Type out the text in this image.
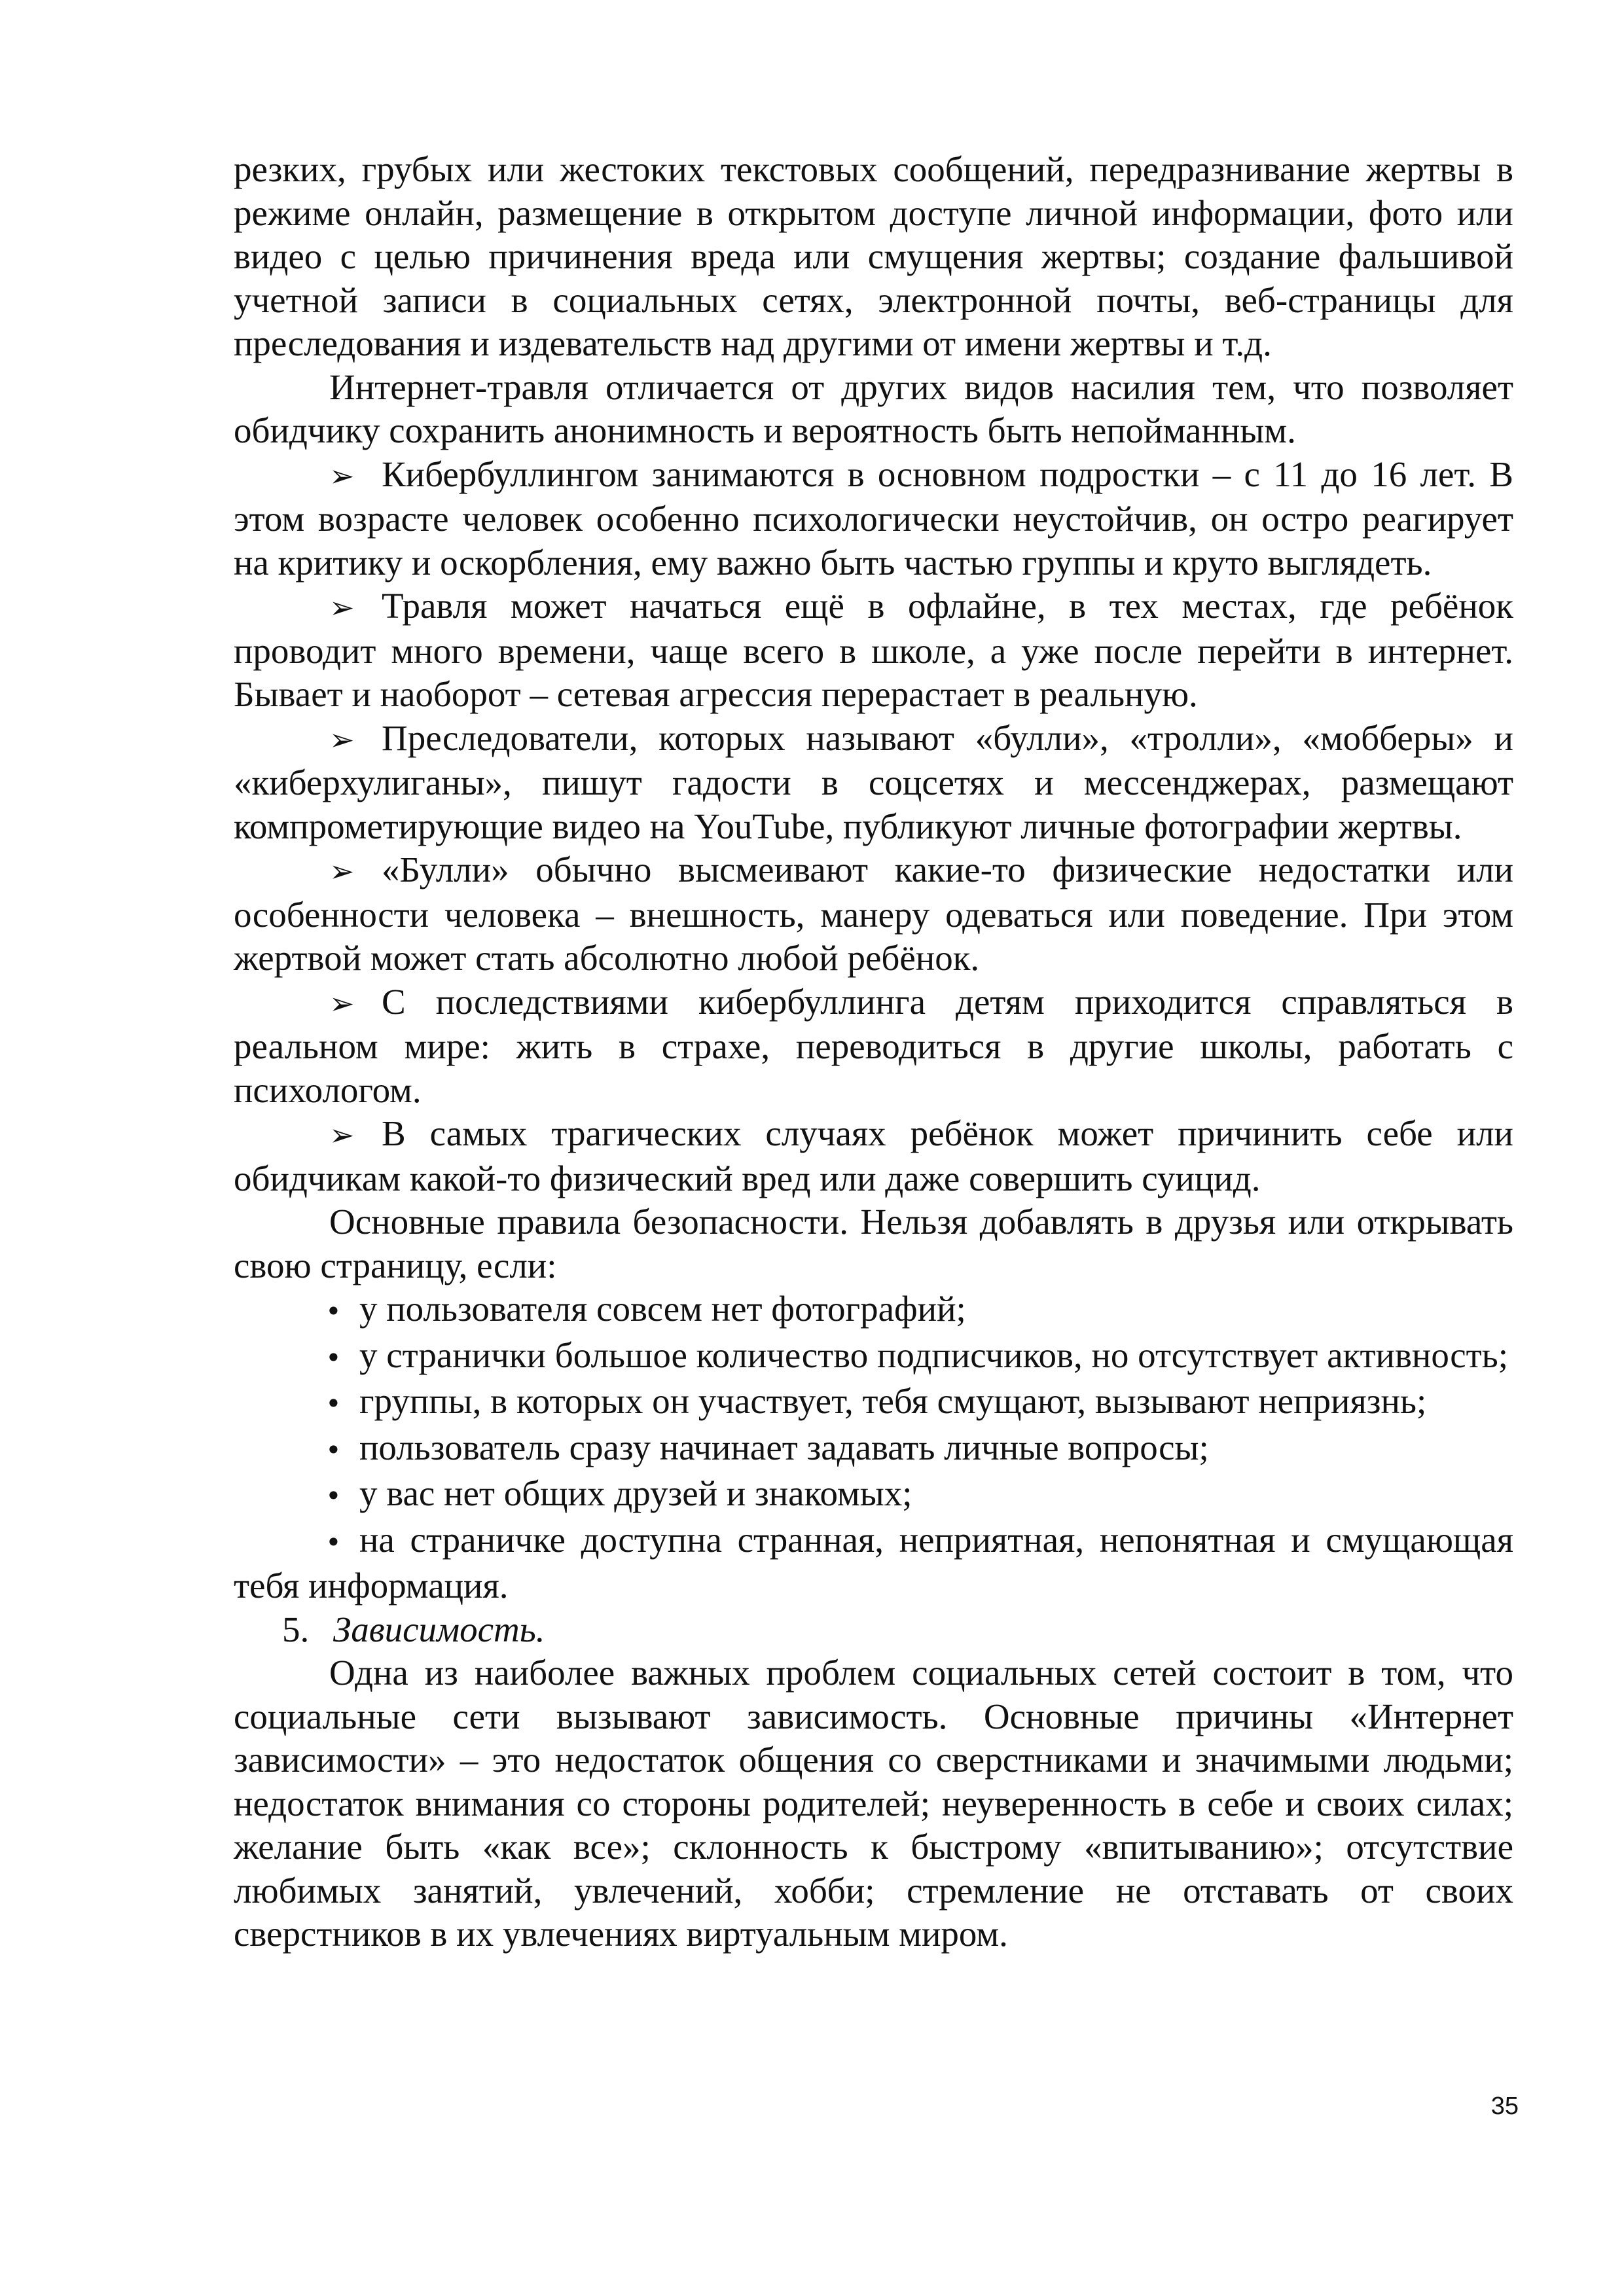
резких, грубых или жестоких текстовых сообщений, передразнивание жертвы в режиме онлайн, размещение в открытом доступе личной информации, фото или видео с целью причинения вреда или смущения жертвы; создание фальшивой учетной записи в социальных сетях, электронной почты, веб-страницы для преследования и издевательств над другими от имени жертвы и т.д.

Интернет-травля отличается от других видов насилия тем, что позволяет обидчику сохранить анонимность и вероятность быть непойманным.

➢ Кибербуллингом занимаются в основном подростки – с 11 до 16 лет. В этом возрасте человек особенно психологически неустойчив, он остро реагирует на критику и оскорбления, ему важно быть частью группы и круто выглядеть.

➢ Травля может начаться ещё в офлайне, в тех местах, где ребёнок проводит много времени, чаще всего в школе, а уже после перейти в интернет. Бывает и наоборот – сетевая агрессия перерастает в реальную.

➢ Преследователи, которых называют «булли», «тролли», «мобберы» и «киберхулиганы», пишут гадости в соцсетях и мессенджерах, размещают компрометирующие видео на YouTube, публикуют личные фотографии жертвы.

➢ «Булли» обычно высмеивают какие-то физические недостатки или особенности человека – внешность, манеру одеваться или поведение. При этом жертвой может стать абсолютно любой ребёнок.

➢ С последствиями кибербуллинга детям приходится справляться в реальном мире: жить в страхе, переводиться в другие школы, работать с психологом.

➢ В самых трагических случаях ребёнок может причинить себе или обидчикам какой-то физический вред или даже совершить суицид.

Основные правила безопасности. Нельзя добавлять в друзья или открывать свою страницу, если:

• у пользователя совсем нет фотографий;

• у странички большое количество подписчиков, но отсутствует активность;

• группы, в которых он участвует, тебя смущают, вызывают неприязнь;

• пользователь сразу начинает задавать личные вопросы;

• у вас нет общих друзей и знакомых;

• на страничке доступна странная, неприятная, непонятная и смущающая тебя информация.

5. Зависимость.

Одна из наиболее важных проблем социальных сетей состоит в том, что социальные сети вызывают зависимость. Основные причины «Интернет зависимости» – это недостаток общения со сверстниками и значимыми людьми; недостаток внимания со стороны родителей; неуверенность в себе и своих силах; желание быть «как все»; склонность к быстрому «впитыванию»; отсутствие любимых занятий, увлечений, хобби; стремление не отставать от своих сверстников в их увлечениях виртуальным миром.

35
